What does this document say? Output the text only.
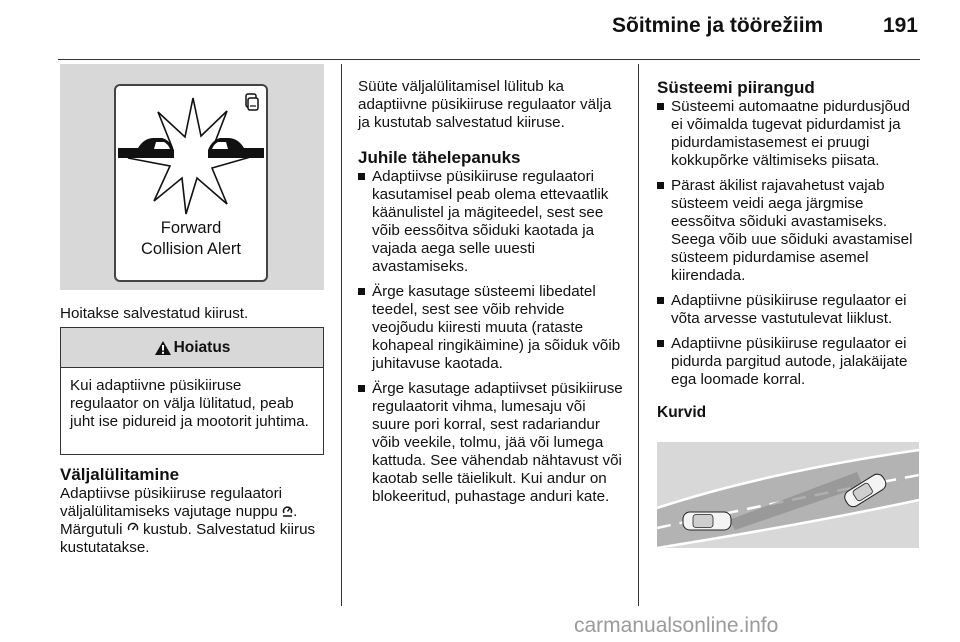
Sõitmine ja töörežiim	191
Forward
Collision Alert

Hoitakse salvestatud kiirust.

Hoiatus
Kui adaptiivne püsikiiruse regulaator on välja lülitatud, peab juht ise pidureid ja mootorit juhtima.
Väljalülitamine

Adaptiivse püsikiiruse regulaatori väljalülitamiseks vajutage nuppu . Märgutuli kustub. Salvestatud kiirus kustutatakse.

Süüte väljalülitamisel lülitub ka adaptiivne püsikiiruse regulaator välja ja kustutab salvestatud kiiruse.

Juhile tähelepanuks
Adaptiivse püsikiiruse regulaatori kasutamisel peab olema ettevaatlik käänulistel ja mägiteedel, sest see võib eessõitva sõiduki kaotada ja vajada aega selle uuesti avastamiseks.
Ärge kasutage süsteemi libedatel teedel, sest see võib rehvide veojõudu kiiresti muuta (rataste kohapeal ringikäimine) ja sõiduk võib juhitavuse kaotada.
Ärge kasutage adaptiivset püsikiiruse regulaatorit vihma, lumesaju või suure pori korral, sest radariandur võib veekile, tolmu, jää või lumega kattuda. See vähendab nähtavust või kaotab selle täielikult. Kui andur on blokeeritud, puhastage anduri kate.
Süsteemi piirangud
Süsteemi automaatne pidurdusjõud ei võimalda tugevat pidurdamist ja pidurdamistasemest ei pruugi kokkupõrke vältimiseks piisata.
Pärast äkilist rajavahetust vajab süsteem veidi aega järgmise eessõitva sõiduki avastamiseks. Seega võib uue sõiduki avastamisel süsteem pidurdamise asemel kiirendada.
Adaptiivne püsikiiruse regulaator ei võta arvesse vastutulevat liiklust.
Adaptiivne püsikiiruse regulaator ei pidurda pargitud autode, jalakäijate ega loomade korral.
Kurvid
carmanualsonline.info
